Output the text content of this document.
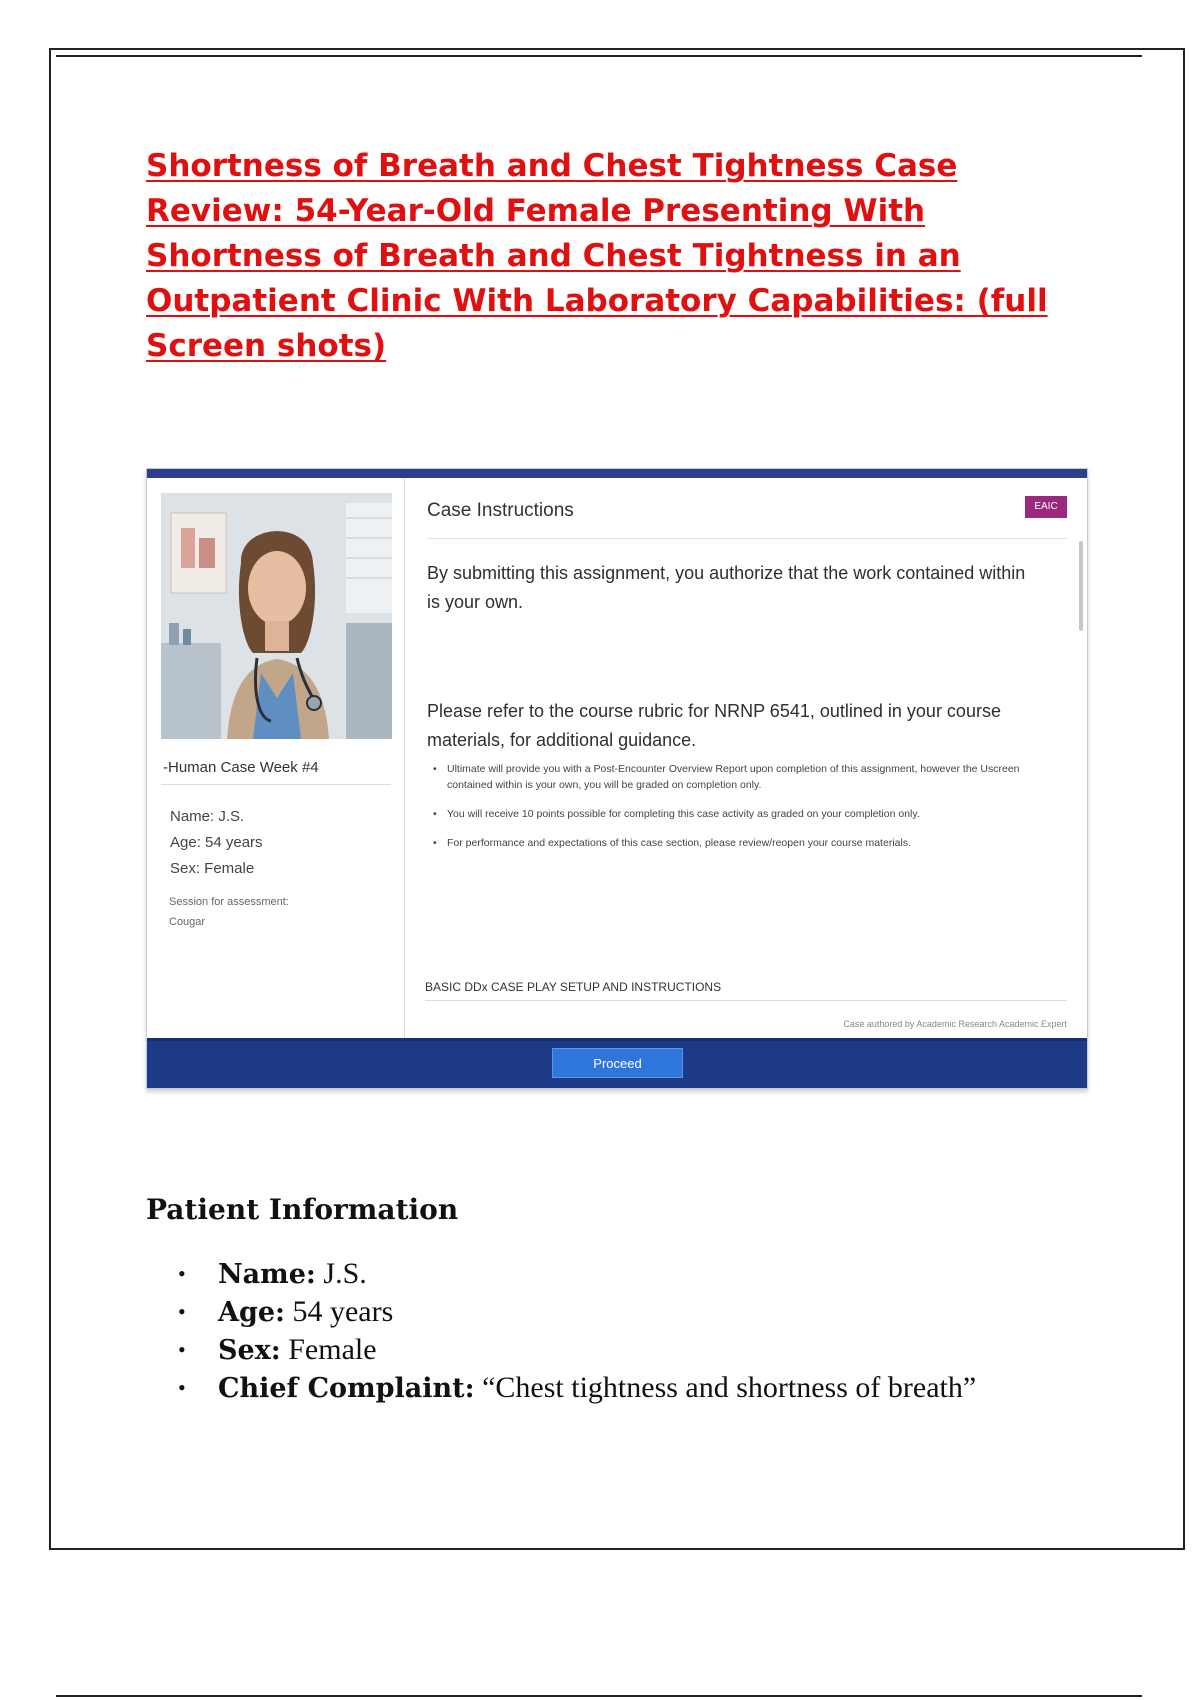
Shortness of Breath and Chest Tightness Case Review: 54-Year-Old Female Presenting With Shortness of Breath and Chest Tightness in an Outpatient Clinic With Laboratory Capabilities: (full Screen shots)
-Human Case Week #4
Name: J.S.
Age: 54 years
Sex: Female
Session for assessment:
Cougar
Case Instructions	EAIC

By submitting this assignment, you authorize that the work contained within is your own.

Please refer to the course rubric for NRNP 6541, outlined in your course materials, for additional guidance.

• Ultimate will provide you with a Post-Encounter Overview Report upon completion of this assignment, however the Uscreen contained within is your own, you will be graded on completion only.
• You will receive 10 points possible for completing this case activity as graded on your completion only.
• For performance and expectations of this case section, please review/reopen your course materials.
BASIC DDx CASE PLAY SETUP AND INSTRUCTIONS
Case authored by Academic Research Academic Expert
Proceed
Patient Information
• Name: J.S.
• Age: 54 years
• Sex: Female
• Chief Complaint: “Chest tightness and shortness of breath”
